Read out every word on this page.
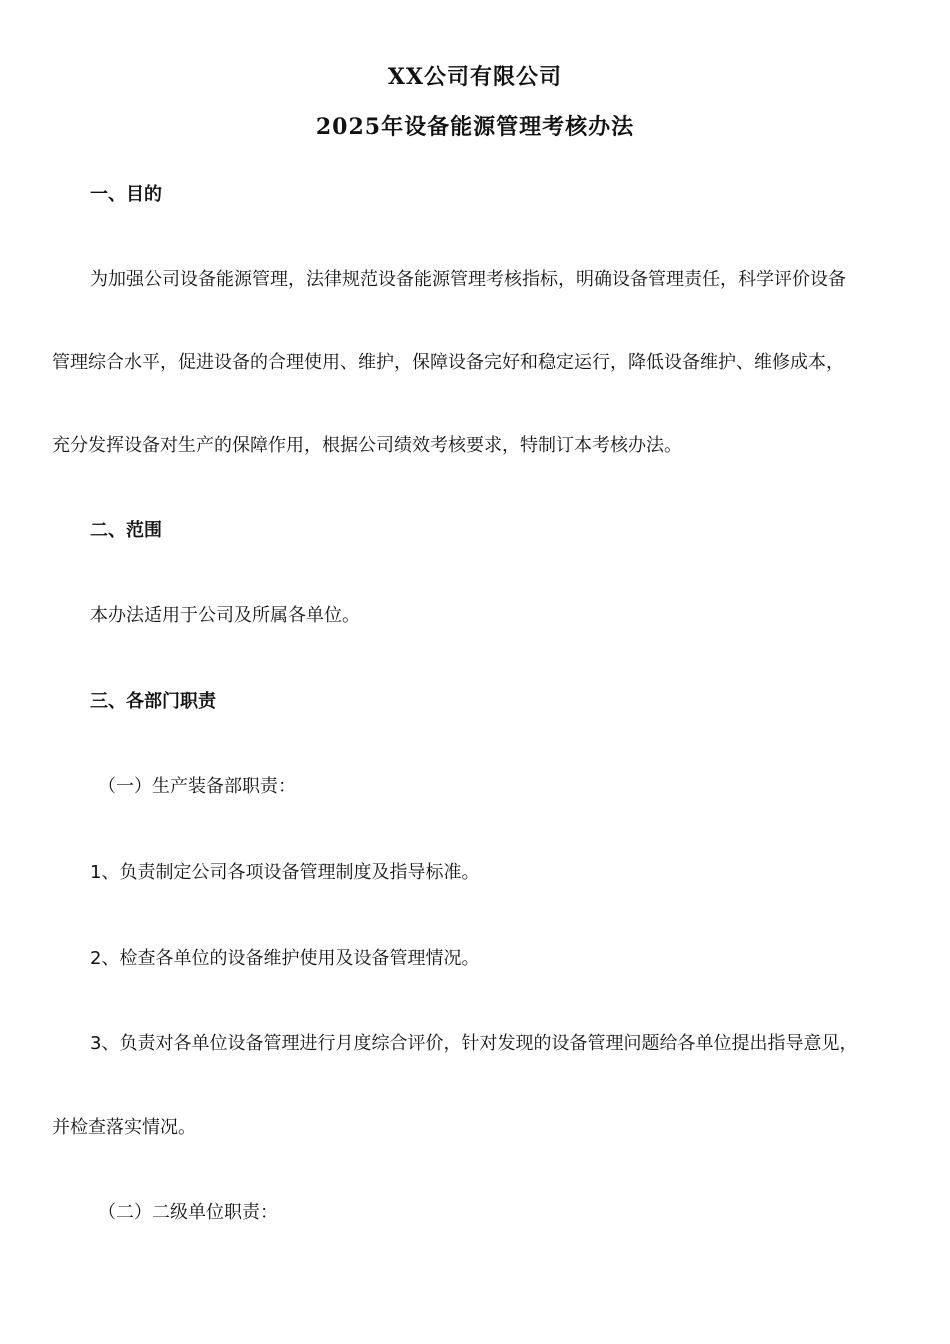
XX公司有限公司
2025年设备能源管理考核办法

一、目的

为加强公司设备能源管理，法律规范设备能源管理考核指标，明确设备管理责任，科学评价设备

管理综合水平，促进设备的合理使用、维护，保障设备完好和稳定运行，降低设备维护、维修成本，

充分发挥设备对生产的保障作用，根据公司绩效考核要求，特制订本考核办法。

二、范围

本办法适用于公司及所属各单位。

三、各部门职责

（一）生产装备部职责：

1、负责制定公司各项设备管理制度及指导标准。

2、检查各单位的设备维护使用及设备管理情况。

3、负责对各单位设备管理进行月度综合评价，针对发现的设备管理问题给各单位提出指导意见，

并检查落实情况。

（二）二级单位职责：
